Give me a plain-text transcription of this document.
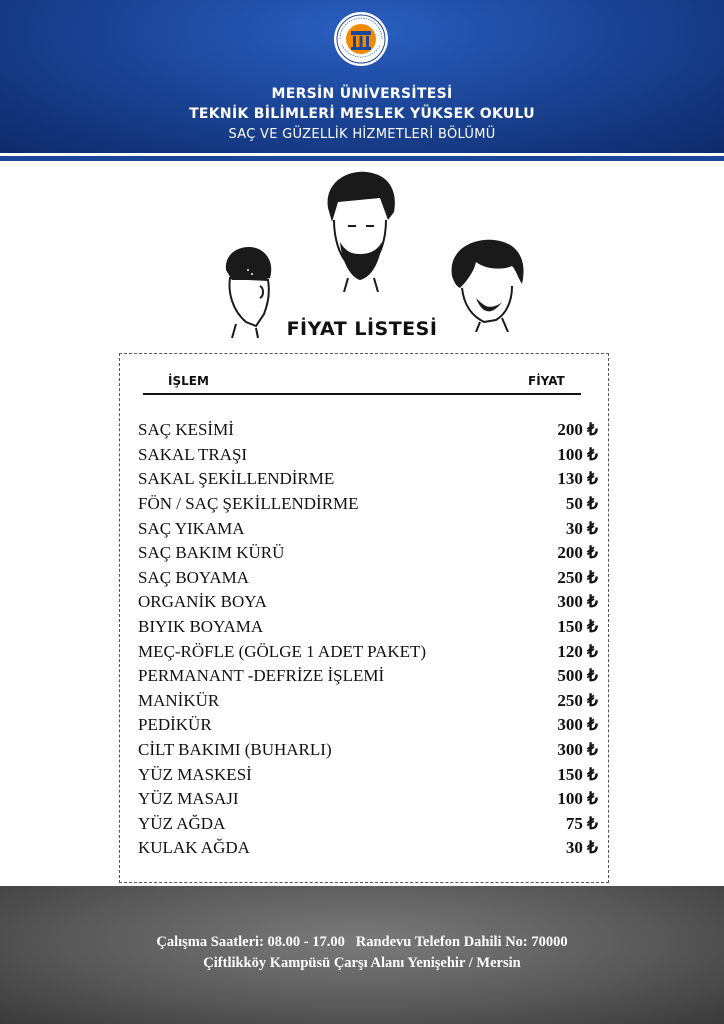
MERSİN ÜNİVERSİTESİ
TEKNİK BİLİMLERİ MESLEK YÜKSEK OKULU
SAÇ VE GÜZELLİK HİZMETLERİ BÖLÜMÜ
FİYAT LİSTESİ
İŞLEM	FİYAT
SAÇ KESİMİ	200 ₺
SAKAL TRAŞI	100 ₺
SAKAL ŞEKİLLENDİRME	130 ₺
FÖN / SAÇ ŞEKİLLENDİRME	50 ₺
SAÇ YIKAMA	30 ₺
SAÇ BAKIM KÜRÜ	200 ₺
SAÇ BOYAMA	250 ₺
ORGANİK BOYA	300 ₺
BIYIK BOYAMA	150 ₺
MEÇ-RÖFLE (GÖLGE 1 ADET PAKET)	120 ₺
PERMANANT -DEFRİZE İŞLEMİ	500 ₺
MANİKÜR	250 ₺
PEDİKÜR	300 ₺
CİLT BAKIMI (BUHARLI)	300 ₺
YÜZ MASKESİ	150 ₺
YÜZ MASAJI	100 ₺
YÜZ AĞDA	75 ₺
KULAK AĞDA	30 ₺
Çalışma Saatleri: 08.00 - 17.00   Randevu Telefon Dahili No: 70000
Çiftlikköy Kampüsü Çarşı Alanı Yenişehir / Mersin
